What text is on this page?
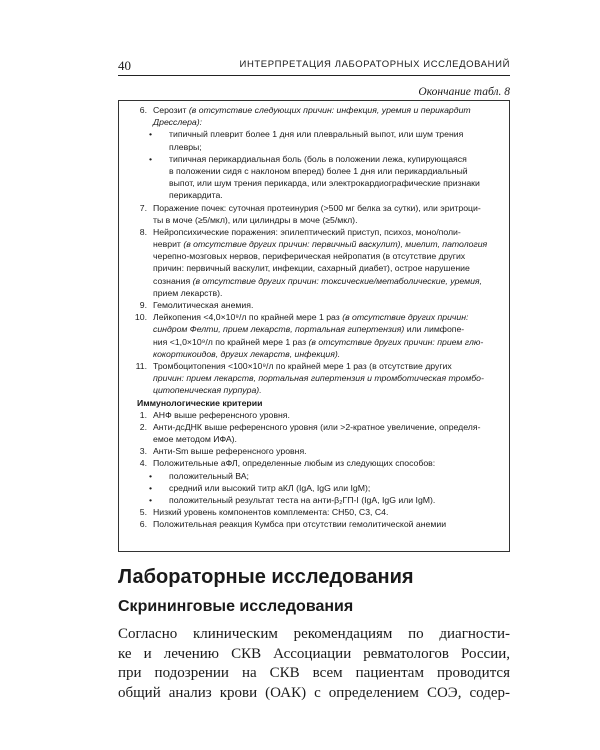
40	ИНТЕРПРЕТАЦИЯ ЛАБОРАТОРНЫХ ИССЛЕДОВАНИЙ
Окончание табл. 8
6. Серозит (в отсутствие следующих причин: инфекция, уремия и перикардит
Дресслера):
• типичный плеврит более 1 дня или плевральный выпот, или шум трения
плевры;
• типичная перикардиальная боль (боль в положении лежа, купирующаяся
в положении сидя с наклоном вперед) более 1 дня или перикардиальный
выпот, или шум трения перикарда, или электрокардиографические признаки
перикардита.
7. Поражение почек: суточная протеинурия (>500 мг белка за сутки), или эритроци-
ты в моче (≥5/мкл), или цилиндры в моче (≥5/мкл).
8. Нейропсихические поражения: эпилептический приступ, психоз, моно/поли-
неврит (в отсутствие других причин: первичный васкулит), миелит, патология
черепно-мозговых нервов, периферическая нейропатия (в отсутствие других
причин: первичный васкулит, инфекции, сахарный диабет), острое нарушение
сознания (в отсутствие других причин: токсические/метаболические, уремия,
прием лекарств).
9. Гемолитическая анемия.
10. Лейкопения <4,0×10⁹/л по крайней мере 1 раз (в отсутствие других причин:
синдром Фелти, прием лекарств, портальная гипертензия) или лимфопе-
ния <1,0×10⁹/л по крайней мере 1 раз (в отсутствие других причин: прием глю-
кокортикоидов, других лекарств, инфекция).
11. Тромбоцитопения <100×10⁹/л по крайней мере 1 раз (в отсутствие других
причин: прием лекарств, портальная гипертензия и тромботическая тромбо-
цитопеническая пурпура).
Иммунологические критерии
1. АНФ выше референсного уровня.
2. Анти-дсДНК выше референсного уровня (или >2-кратное увеличение, определя-
емое методом ИФА).
3. Анти-Sm выше референсного уровня.
4. Положительные аФЛ, определенные любым из следующих способов:
• положительный ВА;
• средний или высокий титр аКЛ (IgA, IgG или IgM);
• положительный результат теста на анти-β₂ГП-I (IgA, IgG или IgM).
5. Низкий уровень компонентов комплемента: CH50, C3, C4.
6. Положительная реакция Кумбса при отсутствии гемолитической анемии
Лабораторные исследования
Скрининговые исследования
Согласно клиническим рекомендациям по диагности-
ке и лечению СКВ Ассоциации ревматологов России,
при подозрении на СКВ всем пациентам проводится
общий анализ крови (ОАК) с определением СОЭ, содер-
